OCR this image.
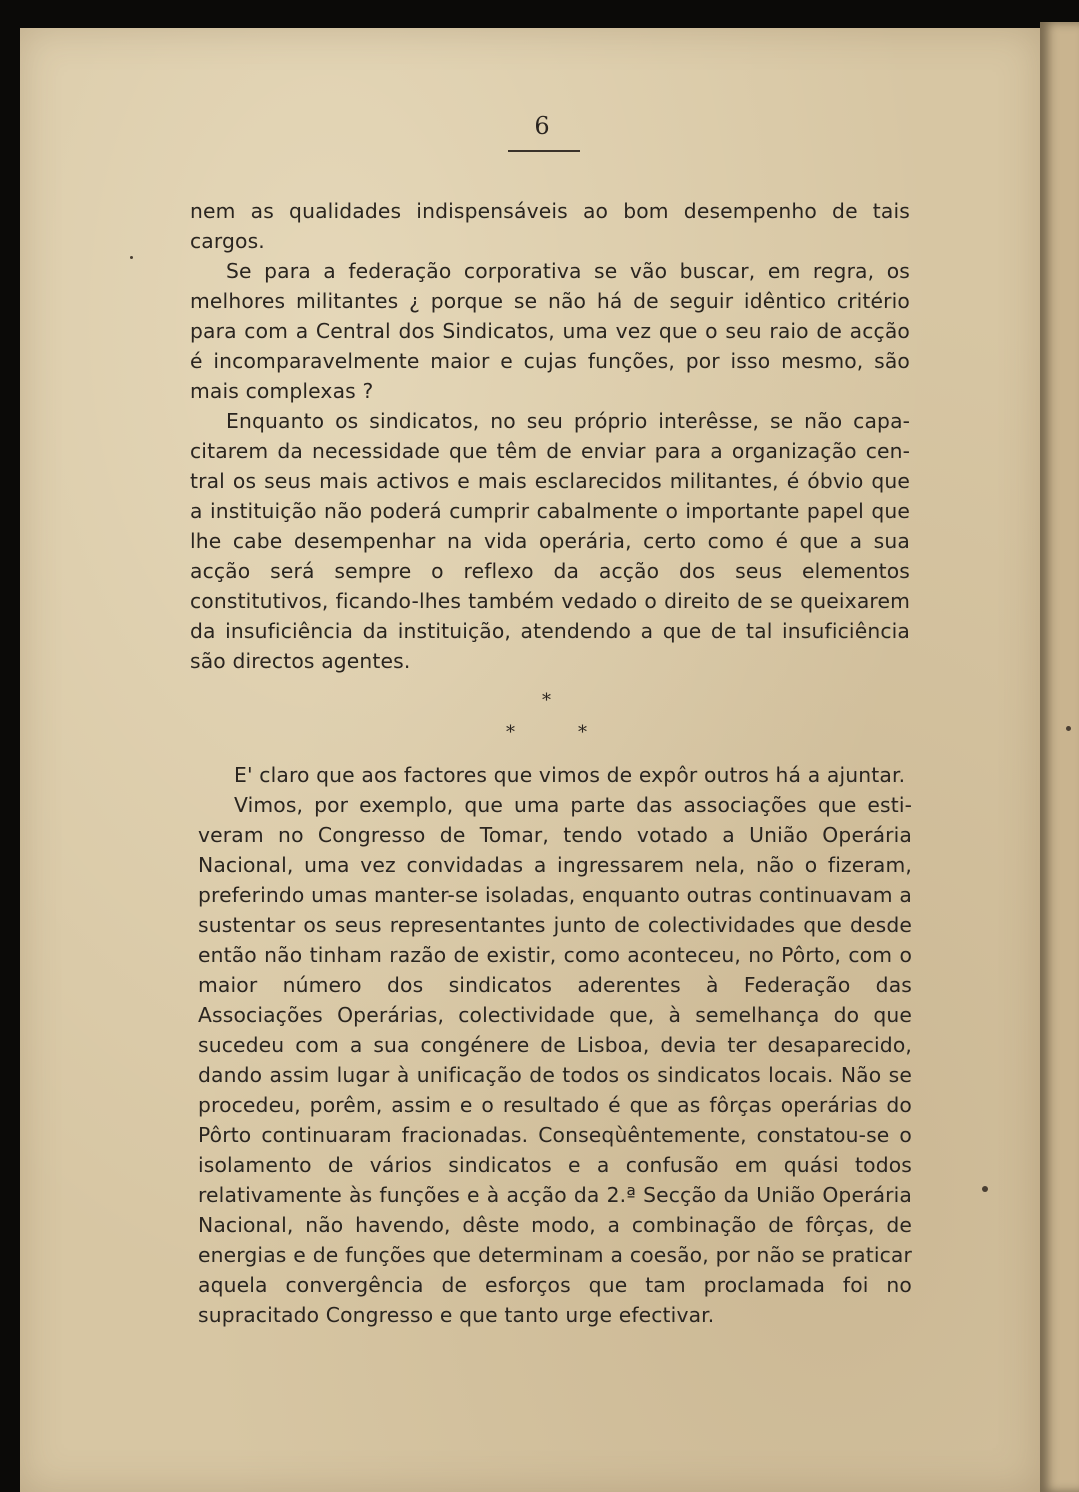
6

nem as qualidades indispensáveis ao bom desempenho de tais cargos.

Se para a federação corporativa se vão buscar, em regra, os melhores militantes ¿ porque se não há de seguir idêntico critério para com a Central dos Sindicatos, uma vez que o seu raio de acção é incomparavelmente maior e cujas funções, por isso mesmo, são mais complexas ?

Enquanto os sindicatos, no seu próprio interêsse, se não capacitarem da necessidade que têm de enviar para a organização central os seus mais activos e mais esclarecidos militantes, é óbvio que a instituição não poderá cumprir cabalmente o importante papel que lhe cabe desempenhar na vida operária, certo como é que a sua acção será sempre o reflexo da acção dos seus elementos constitutivos, ficando-lhes também vedado o direito de se queixarem da insuficiência da instituição, atendendo a que de tal insuficiência são directos agentes.

*
*	*

E' claro que aos factores que vimos de expôr outros há a ajuntar.

Vimos, por exemplo, que uma parte das associações que estiveram no Congresso de Tomar, tendo votado a União Operária Nacional, uma vez convidadas a ingressarem nela, não o fizeram, preferindo umas manter-se isoladas, enquanto outras continuavam a sustentar os seus representantes junto de colectividades que desde então não tinham razão de existir, como aconteceu, no Pôrto, com o maior número dos sindicatos aderentes à Federação das Associações Operárias, colectividade que, à semelhança do que sucedeu com a sua congénere de Lisboa, devia ter desaparecido, dando assim lugar à unificação de todos os sindicatos locais. Não se procedeu, porêm, assim e o resultado é que as fôrças operárias do Pôrto continuaram fracionadas. Conseqùêntemente, constatou-se o isolamento de vários sindicatos e a confusão em quási todos relativamente às funções e à acção da 2.ª Secção da União Operária Nacional, não havendo, dêste modo, a combinação de fôrças, de energias e de funções que determinam a coesão, por não se praticar aquela convergência de esforços que tam proclamada foi no supracitado Congresso e que tanto urge efectivar.
